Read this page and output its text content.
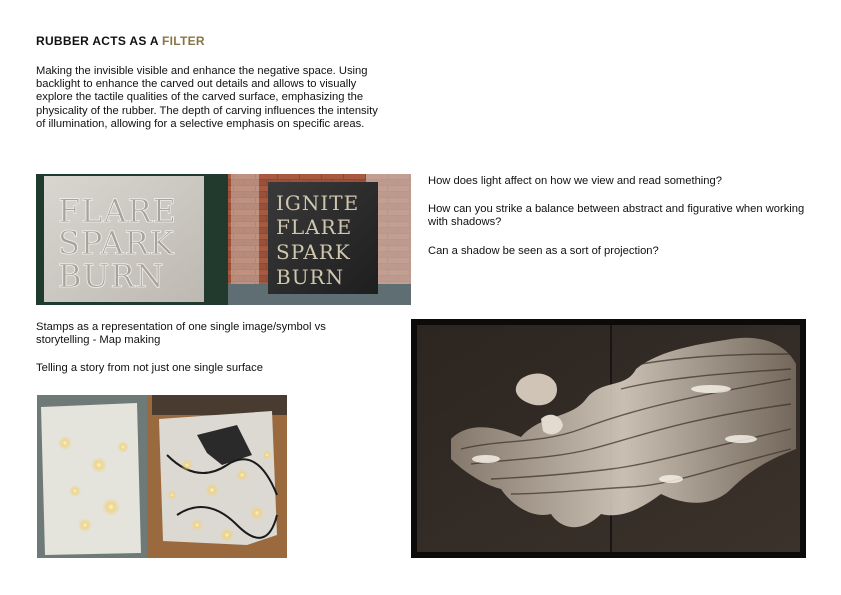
RUBBER ACTS AS A FILTER

Making the invisible visible and enhance the negative space. Using backlight to enhance the carved out details and allows to visually explore the tactile qualities of the carved surface, emphasizing the physicality of the rubber. The depth of carving influences the intensity of illumination, allowing for a selective emphasis on specific areas.

FLARE
SPARK
BURN
IGNITE
FLARE
SPARK
BURN

How does light affect on how we view and read something?

How can you strike a balance between abstract and figurative when working with shadows?

Can a shadow be seen as a sort of projection?

Stamps as a representation of one single image/symbol vs storytelling - Map making

Telling a story from not just one single surface
